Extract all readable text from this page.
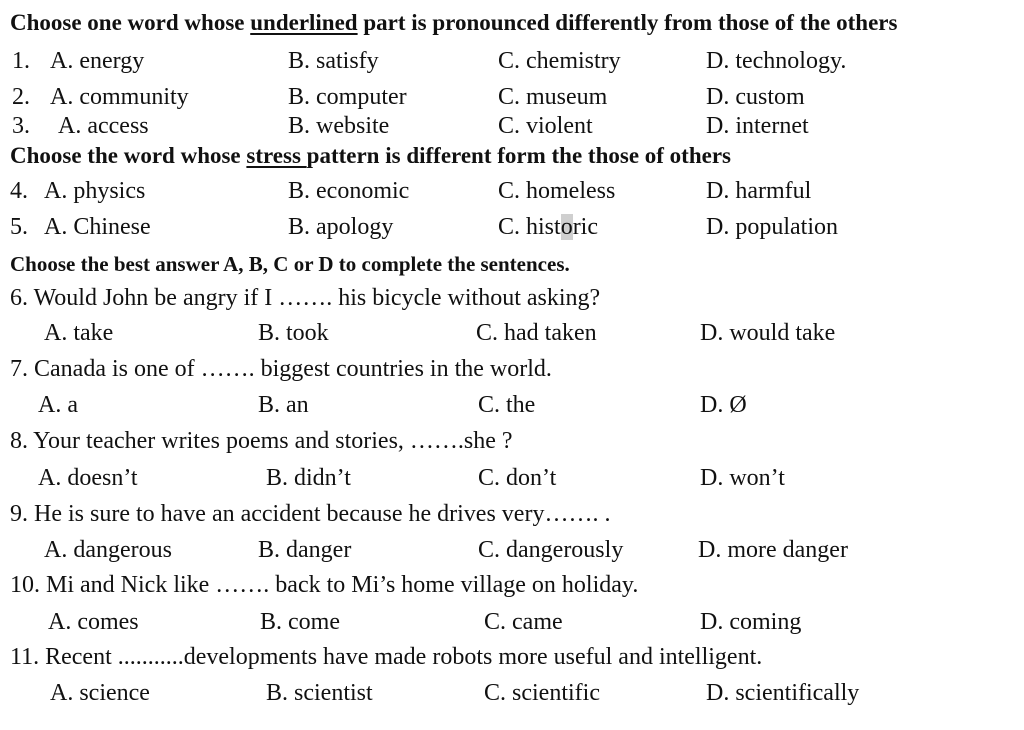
Choose one word whose underlined part is pronounced differently from those of the others
1. A. energy	B. satisfy	C. chemistry	D. technology.
2. A. community	B. computer	C. museum	D. custom
3. A. access	B. website	C. violent	D. internet
Choose the word whose stress pattern is different form the those of others
4. A. physics	B. economic	C. homeless	D. harmful
5. A. Chinese	B. apology	C. historic	D. population
Choose the best answer A, B, C or D to complete the sentences.
6. Would John be angry if I ……. his bicycle without asking?
A. take	B. took	C. had taken	D. would take
7. Canada is one of ……. biggest countries in the world.
A. a	B. an	C. the	D. Ø
8. Your teacher writes poems and stories, …….she ?
A. doesn’t	B. didn’t	C. don’t	D. won’t
9. He is sure to have an accident because he drives very……. .
A. dangerous	B. danger	C. dangerously	D. more danger
10. Mi and Nick like ……. back to Mi’s home village on holiday.
A. comes	B. come	C. came	D. coming
11. Recent ...........developments have made robots more useful and intelligent.
A. science	B. scientist	C. scientific	D. scientifically
